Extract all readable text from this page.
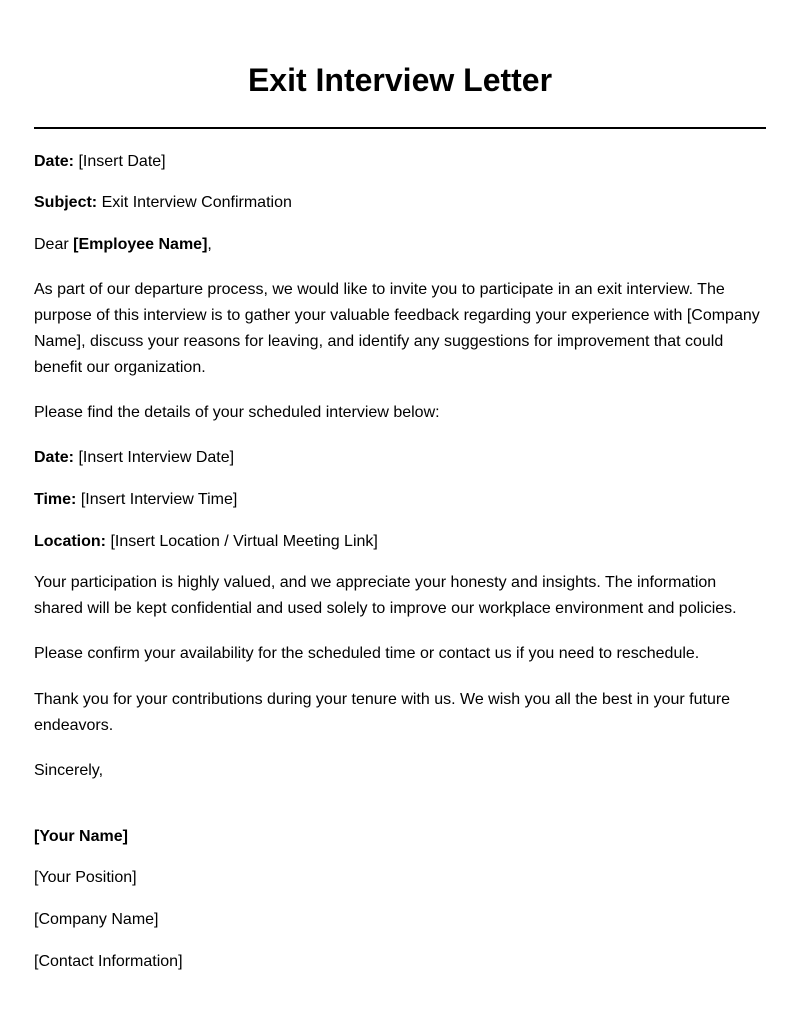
Exit Interview Letter

Date: [Insert Date]

Subject: Exit Interview Confirmation

Dear [Employee Name],

As part of our departure process, we would like to invite you to participate in an exit interview. The purpose of this interview is to gather your valuable feedback regarding your experience with [Company Name], discuss your reasons for leaving, and identify any suggestions for improvement that could benefit our organization.

Please find the details of your scheduled interview below:

Date: [Insert Interview Date]

Time: [Insert Interview Time]

Location: [Insert Location / Virtual Meeting Link]

Your participation is highly valued, and we appreciate your honesty and insights. The information shared will be kept confidential and used solely to improve our workplace environment and policies.

Please confirm your availability for the scheduled time or contact us if you need to reschedule.

Thank you for your contributions during your tenure with us. We wish you all the best in your future endeavors.

Sincerely,

[Your Name]

[Your Position]

[Company Name]

[Contact Information]
